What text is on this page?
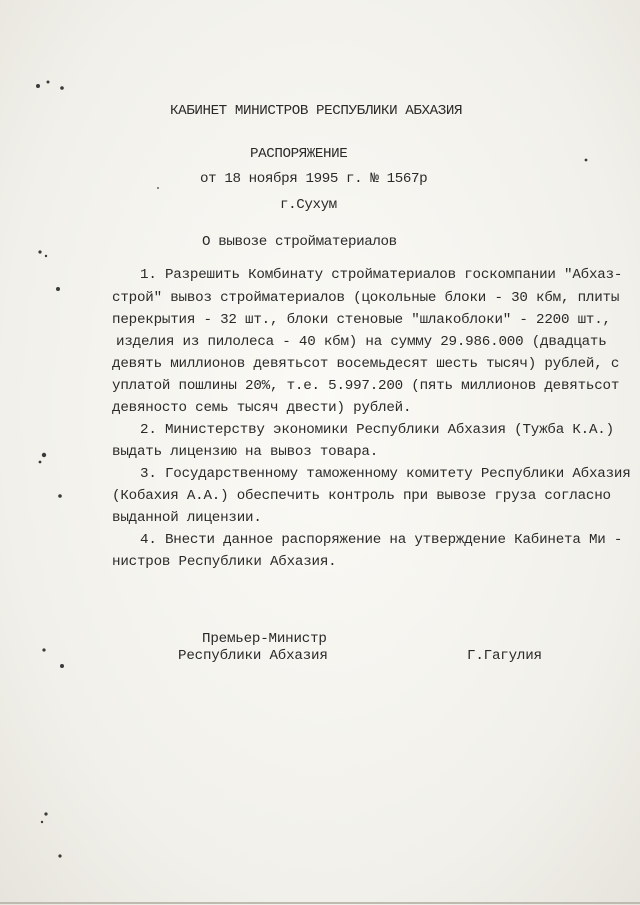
КАБИНЕТ МИНИСТРОВ РЕСПУБЛИКИ АБХАЗИЯ
РАСПОРЯЖЕНИЕ
от 18 ноября 1995 г. № 1567р
г.Сухум
О вывозе стройматериалов
1. Разрешить Комбинату стройматериалов госкомпании "Абхаз-
строй" вывоз стройматериалов (цокольные блоки - 30 кбм, плиты
перекрытия - 32 шт., блоки стеновые "шлакоблоки" - 2200 шт.,
изделия из пилолеса - 40 кбм) на сумму 29.986.000 (двадцать
девять миллионов девятьсот восемьдесят шесть тысяч) рублей, с
уплатой пошлины 20%, т.е. 5.997.200 (пять миллионов девятьсот
девяносто семь тысяч двести) рублей.
2. Министерству экономики Республики Абхазия (Тужба К.А.)
выдать лицензию на вывоз товара.
3. Государственному таможенному комитету Республики Абхазия
(Кобахия А.А.) обеспечить контроль при вывозе груза согласно
выданной лицензии.
4. Внести данное распоряжение на утверждение Кабинета Ми -
нистров Республики Абхазия.
Премьер-Министр
Республики Абхазия	Г.Гагулия
